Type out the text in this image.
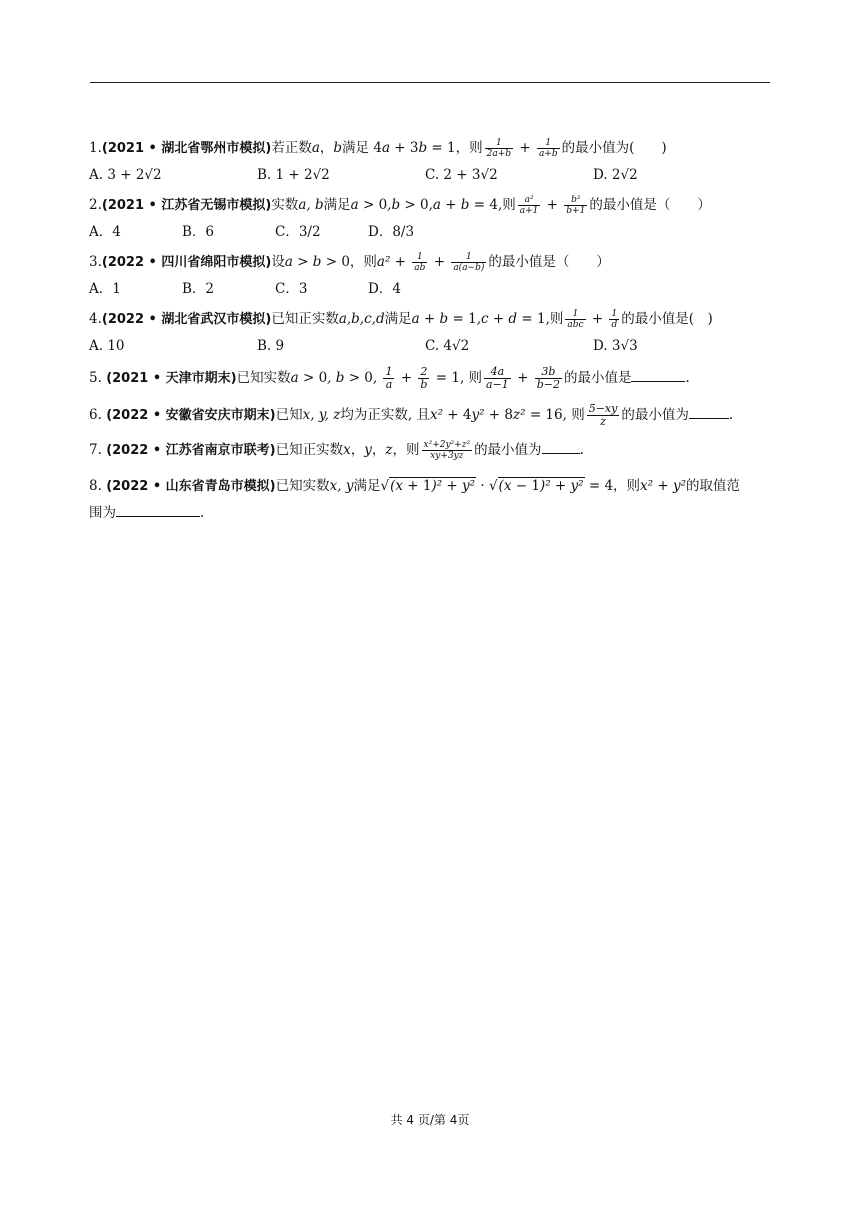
1.(2021 • 湖北省鄂州市模拟)若正数a，b满足 4a + 3b = 1，则 $\frac{1}{2a+b} + \frac{1}{a+b}$ 的最小值为(　　)

A. 3 + 2√2	B. 1 + 2√2	C. 2 + 3√2	D. 2√2

2.(2021 • 江苏省无锡市模拟)实数a, b满足a > 0,b > 0,a + b = 4,则 $\frac{\text{a²}}{a+1} + \frac{\text{b²}}{b+1}$ 的最小值是（　　）

A．4	B．6	C．3/2	D．8/3

3.(2022 • 四川省绵阳市模拟)设a > b > 0，则$a^2 + \frac{1}{ab} + \frac{1}{a(a-b)}$ 的最小值是（　　）

A．1	B．2	C．3	D．4

4.(2022 • 湖北省武汉市模拟)已知正实数a,b,c,d满足a + b = 1,c + d = 1,则 $\frac{1}{\text{abc}} + \frac{1}{d}$ 的最小值是(　)

A. 10	B. 9	C. 4√2	D. 3√3

5. (2021 • 天津市期末)已知实数a > 0, b > 0, $\frac{1}{a} + \frac{2}{b} = 1$, 则 $\frac{4a}{a-1} + \frac{3b}{b-2}$ 的最小值是	.

6. (2022 • 安徽省安庆市期末)已知x, y, z均为正实数, 且x² + 4y² + 8z² = 16, 则 $\frac{5-xy}{z}$ 的最小值为	.

7. (2022 • 江苏省南京市联考)已知正实数x，y，z，则 $\frac{\text{x²+2y²+z²}}{xy+3yz}$ 的最小值为	.

8. (2022 • 山东省青岛市模拟)已知实数x, y满足√(x + 1)² + y² · √(x − 1)² + y² = 4，则x² + y²的取值范
围为	.

共 4 页/第 4页
